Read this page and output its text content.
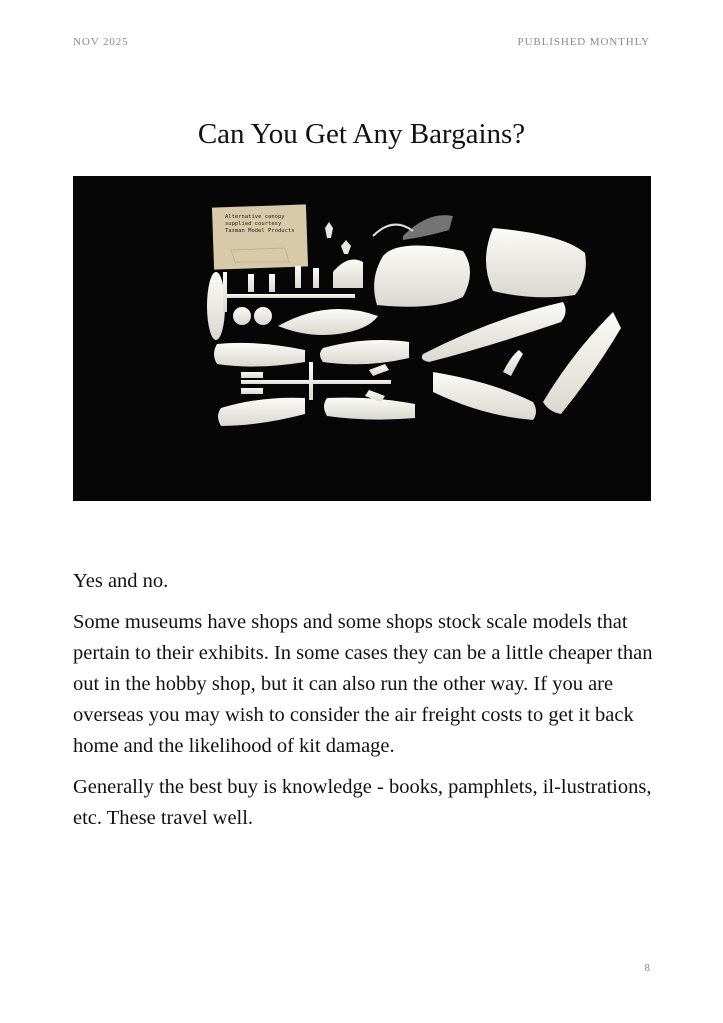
NOV 2025	PUBLISHED MONTHLY
Can You Get Any Bargains?
Alternative canopy
supplied courtesy
Tasman Model Products

Yes and no.

Some museums have shops and some shops stock scale models that pertain to their exhibits. In some cases they can be a little cheaper than out in the hobby shop, but it can also run the other way. If you are overseas you may wish to consider the air freight costs to get it back home and the likelihood of kit damage.

Generally the best buy is knowledge - books, pamphlets, il-lustrations, etc. These travel well.

8
